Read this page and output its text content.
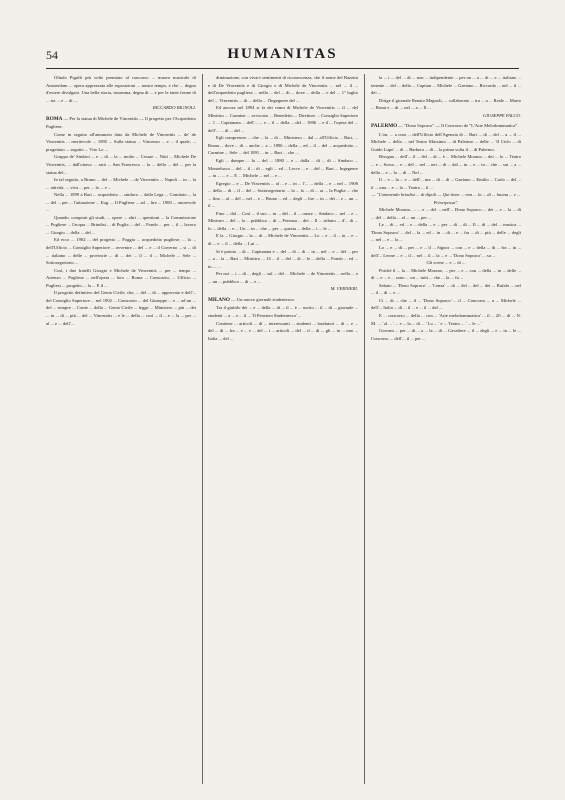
54	HUMANITAS

Olindo Pigulli più volte premiato al concorso ... museo musicale di Amsterdam ... opera apprezzata alle esposizioni ... nostro tempo, e che ... degno d'essere divulgato. Una bella storia, insomma, degna di ... e per le tante forme di ... tra ... e ... di ....

RICCARDO BIGNOLI.

ROMA — Per la statua di Michele de Vincentiis — Il progetto per l'Acquedotto Pugliese.

Come in seguito all'annunzio dato da Michele de Vincentiis ... de' de Vincentiis ... meritevole ... 1895 ... Sulla statua ... Vincenzo ... e ... il quale, ... progettato ... seguito ... Vito Lo ...

Gruppo de' Sindaci ... e ... di ... la ... molto ... Cesare ... Nitti ... Michele De Vincentiis, ... dall'ottavo ... sarà ... San Francesco ... la ... della ... del ... per la statua del...

In tal seguito, a Bruno ... del ... Michele ... de Vincentiis ... Napoli ... in ... la ... attività, ... viva ... per ... lo ... e ...

Nella ... 1899 a Bari ... acquedotto ... sindaco ... dalla Lega ... Comitato ... la ... del ... per ... l'attuazione ... Eug. ... Il Pugliese ... ad ... lire ... 1900 ... onorevole ...

Quando, compiuti gli studi, ... opere ... altri ... questioni ... la Commissione ... Pugliese ... l'acqua ... Brindisi ... di Puglia ... del ... Fondo ... per ... il ... lavoro ... Giorgio ... della ... del ...

Ed ecco ... 1902 ... del progetto ... Foggia ... acquedotto pugliese, ... la ... dell'Ufficio ... Consiglio Superiore ... avvenire ... del ... e ... il Governo ... si ... di ... italiano ... delle ... provincie ... di ... dei ... il ... il ... Michele ... Sele ... Sottosegretario ...

Così, i due fratelli Giorgio e Michele de Vincentiis ... per ... tempo ... Arienzo ... Pugliese ... nell'opera ... loro ... Roma ... Consorzio, ... Ufficio ... Pugliesi ... progetto ... la ... E il ...

Il progetto definitivo del Genio Civile, che, ... del ... di ... approvato e dell'... del Consiglio Superiore ... nel 1902 ... Consorzio ... del Giuseppe ... e ... ad un ... del ... sempre ... Conte ... della ... Genio Civile ... legge ... Ministero ... più ... dei ... in ... di ... più ... del ... Vincentiis ... e le ... della ... così ... il ... e ... la ... per ... al ... e ... dell'...

diminuzione, con vivaci sentimenti di riconoscenza, che il nome del Bazzini e di De Vincentiis e di Giorgio e di Michele de Vincentiis ... nel ... il ... dell'acquedotto pugliese ... nella ... del ... di ... dove ... della ... e del ... 1° luglio del ... Vincentiis ... di ... della ... l'Ingegnere del ...

Ed ancora nel 1894 si fa dei cenni di Michele de Vincentiis ... il ... del Ministro ... Carmine ... avvocato ... Benedetto ... Direttore ... Consiglio Superiore ... 1 ... Capitanata ... dell'... ... e ... il ... della ... del ... 1906 ... e il ... l'opera del ... dell'... ... di ... del ...

Egli compresero ... che ... la ... di ... Ministero ... dal ... all'Ufficio ... Bari, ... Roma ... dove ... di ... anche ... a ... 1896 ... della ... ed ... il ... del ... acquedotto ... Carmine ... Sele ... del 1891 ... in ... Bari ... che ...

Egli ... dunque ... la ... del ... 1880 ... e ... dalla ... di ... di ... Sindaco ... Montefusco ... del ... il ... di ... egli ... ed ... Lecce ... e ... del ... Bari ... Ingegnere ... in ... ... e ... E ... Michele ... nel ... e ...

Egregio ... e ... De Vincentiis ... al ... e ... in ... l'... ... della ... e ... nel ... 1906 ... della ... di ... il ... del ... Sottosegretario ... la ... lo ... di ... ai ... la Puglia ... che ... fino ... al ... del ... nel ... e ... Bruno ... ed ... degli ... lire ... in ... dei ... e ... un ... il ...

Fino ... dal ... Così ... il suo ... in ... del ... il ... onore ... Sindaco ... nel ... e ... Ministro ... del ... la ... pubblica ... di ... Potenza ... dei ... Il ... tributo ... d'... di ... lo ... della ... e ... Un ... in ... che ... per ... questa ... della ... i ... le ...

E la ... Giorgio ... la ... di ... Michele de Vincentiis ... Lo ... e ... il ... in ... e ... di ... e ... il ... della ... Lui ...

Si è potuto ... di ... Capitanata e ... del ... di ... di ... in ... nel ... e ... del ... per ... a ... la ... Bari ... Ministro ... 14 ... il ... del ... di ... le ... della ... Fondo ... ed ... in ... ...

Per noi ... i ... di ... degli ... sul ... del ... Michele ... de Vincentiis ... nella ... e ... un ... pubblico ... di ... e ...

M. VERNIERI.

MILANO — Un nuovo giornale studentesco.

Tra il giubilo dei ... e ... della ... di ... il ... è ... uscito ... il ... di ... giornale ... studenti ... a ... e ... il ... 'Il Pensiero Studentesco' ...

Contiene ... articoli ... di ... interessanti ... studenti ... fondatori ... di ... e ... del ... di ... fra ... e ... e ... del ... i ... articoli ... del ... il ... di ... gli ... in ... uno ... Italia ... del ...

la ... i ... del ... di ... non ... indipendente ... per un ... a ... di ... e ... italiano ... tenente ... del ... della ... Capitan ... Michele ... Gaetano ... Riccardo ... nel ... il ... dei ...

Dirige il giornale Renato Magnoli, ... collaborato ... tra ... a ... Reale ... Mario ... Bruni e ... di ... nel ... a ... Il ...

GIUSEPPE FALCO.

PALERMO — "Dono Sopraco" — Il Concorso de "L'Arte Melodrammatica".

L'on. ... a cura ... dell'Ufficio dell'Agenzia di ... Bari ... di ... del ... a ... il ... Michele ... della ... nel Teatro Massimo ... di Palermo ... delle ... 'Il Ciclo ... di Guido Lupo' ... di ... Barbera ... di ... la prima volta il ... di Palermo.

Bisogna ... dell'... il ... del ... di ... è ... Michele Morano ... dei ... lo ... Teatro ... e ... Sorso ... e ... del ... nel ... nei ... di ... dal ... in ... e ... in ... che ... sui ... a ... della ... e ... lo ... di ... Nel ...

Il ... e ... la ... e ... dell'... ma ... di ... di ... Gaetano ... Emilio ... Carlo ... del ... il ... una ... e ... la ... Teatro ... il ...

— "Commendo brindisi ... di dipoli — Qui tiene ... non ... la ... di ... buona ... e ... Principessa".

Michele Morano, ... ... e ... del ... nell'... Dono Sopraco ... dei ... e ... la ... di ... del ... della ... al ... un ... per ...

Le ... di ... ed ... e ... della ... e ... per ... di ... di ... Il ... di ... del ... musica ... 'Dono Sopraco' ... del ... la ... ed ... in ... di ... e ... fra ... di ... più ... delle ... degli ... nel ... e ... la ...

Lo ... e ... di ... per ... e ... il ... Signor ... con ... e ... della ... di ... fra ... in ... dell'... Leone ... e ... il ... nel ... il ... la ... e ... 'Dono Sopraco' ... su ...

Gli scene ... e ... di ...

Poiché il ... la ... Michele Morano, ... per ... e ... con ... della ... in ... delle ... di ... e ... e ... sono ... un ... tutti ... che ... la ... fu ...

Sabato ... 'Dono Sopraco' ... 'Lenza' ... di ... del ... del ... dei ... Bufalo ... nel ... il ... di ... e ...

Ci ... di ... che ... il ... 'Dono Sopraco' ... il ... Concorso ... a ... Michele ... dell'... Italia ... di ... il ... e ... il ... del ...

E ... concorso ... della ... con ... 'Arte melodrammatica' ... il ... 20 ... di ... N. M. ... ' al ... ' ... e ... la ... di ... ' Lo ... ' e ... Teatro ... ' ... le ... '

Giovani ... per ... di ... a ... la ... di ... Cavaliere ... il ... degli ... e ... in ... le ... Concorso ... dell'... il ... per ...
